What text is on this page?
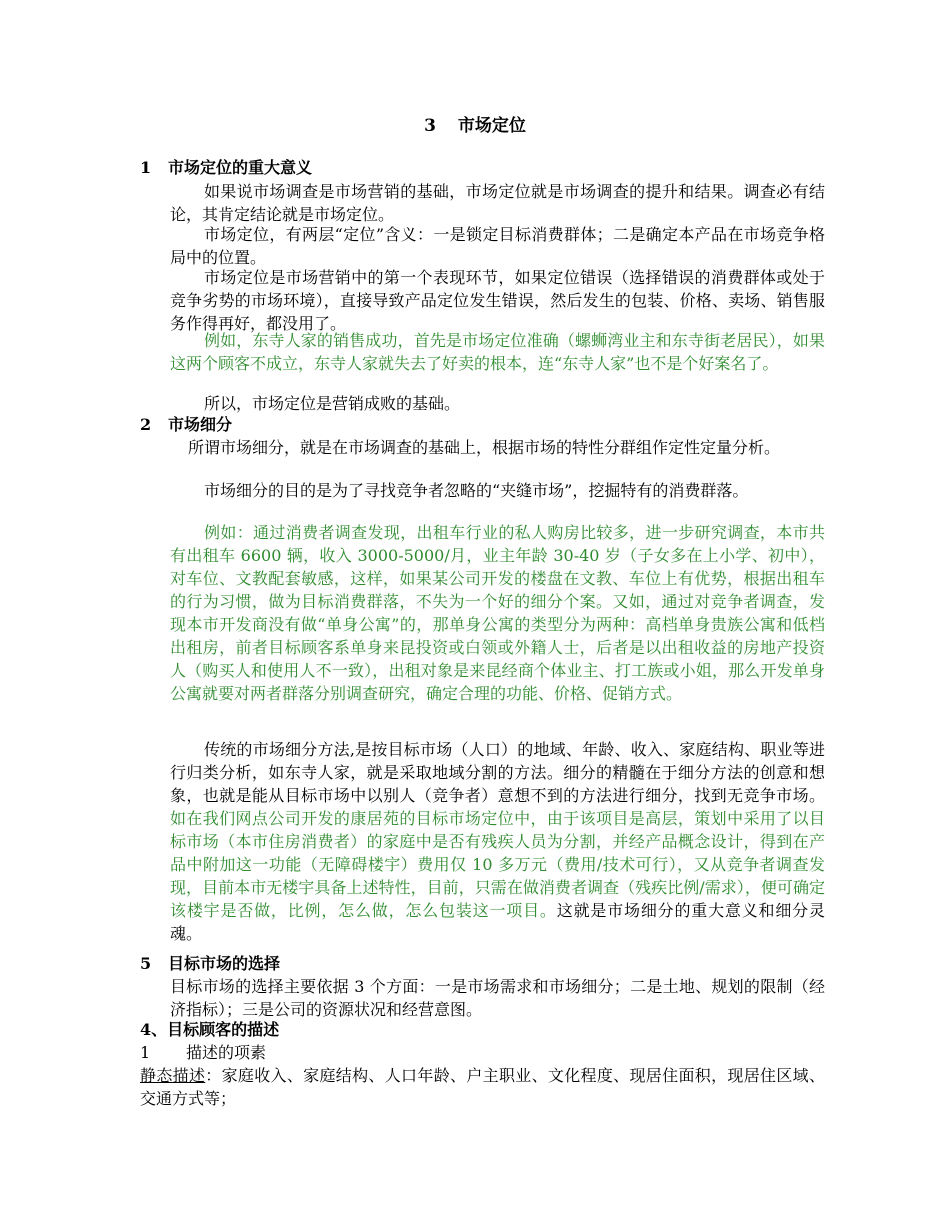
3 市场定位
1 市场定位的重大意义
如果说市场调查是市场营销的基础，市场定位就是市场调查的提升和结果。调查必有结论，其肯定结论就是市场定位。
市场定位，有两层“定位”含义：一是锁定目标消费群体；二是确定本产品在市场竞争格局中的位置。
市场定位是市场营销中的第一个表现环节，如果定位错误（选择错误的消费群体或处于竞争劣势的市场环境），直接导致产品定位发生错误，然后发生的包装、价格、卖场、销售服务作得再好，都没用了。
例如，东寺人家的销售成功，首先是市场定位准确（螺蛳湾业主和东寺街老居民），如果这两个顾客不成立，东寺人家就失去了好卖的根本，连“东寺人家”也不是个好案名了。
所以，市场定位是营销成败的基础。
2 市场细分
所谓市场细分，就是在市场调查的基础上，根据市场的特性分群组作定性定量分析。
市场细分的目的是为了寻找竞争者忽略的“夹缝市场”，挖掘特有的消费群落。
例如：通过消费者调查发现，出租车行业的私人购房比较多，进一步研究调查，本市共有出租车 6600 辆，收入 3000-5000/月，业主年龄 30-40 岁（子女多在上小学、初中），对车位、文教配套敏感，这样，如果某公司开发的楼盘在文教、车位上有优势，根据出租车的行为习惯，做为目标消费群落，不失为一个好的细分个案。又如，通过对竞争者调查，发现本市开发商没有做“单身公寓”的，那单身公寓的类型分为两种：高档单身贵族公寓和低档出租房，前者目标顾客系单身来昆投资或白领或外籍人士，后者是以出租收益的房地产投资人（购买人和使用人不一致），出租对象是来昆经商个体业主、打工族或小姐，那么开发单身公寓就要对两者群落分别调查研究，确定合理的功能、价格、促销方式。
传统的市场细分方法,是按目标市场（人口）的地域、年龄、收入、家庭结构、职业等进行归类分析，如东寺人家，就是采取地域分割的方法。细分的精髓在于细分方法的创意和想象，也就是能从目标市场中以别人（竞争者）意想不到的方法进行细分，找到无竞争市场。如在我们网点公司开发的康居苑的目标市场定位中，由于该项目是高层，策划中采用了以目标市场（本市住房消费者）的家庭中是否有残疾人员为分割，并经产品概念设计，得到在产品中附加这一功能（无障碍楼宇）费用仅 10 多万元（费用/技术可行），又从竞争者调查发现，目前本市无楼宇具备上述特性，目前，只需在做消费者调查（残疾比例/需求），便可确定该楼宇是否做，比例，怎么做，怎么包装这一项目。这就是市场细分的重大意义和细分灵魂。
5 目标市场的选择
目标市场的选择主要依据 3 个方面：一是市场需求和市场细分；二是土地、规划的限制（经济指标）；三是公司的资源状况和经营意图。
4、目标顾客的描述
1 描述的项素
静态描述：家庭收入、家庭结构、人口年龄、户主职业、文化程度、现居住面积，现居住区域、交通方式等；
